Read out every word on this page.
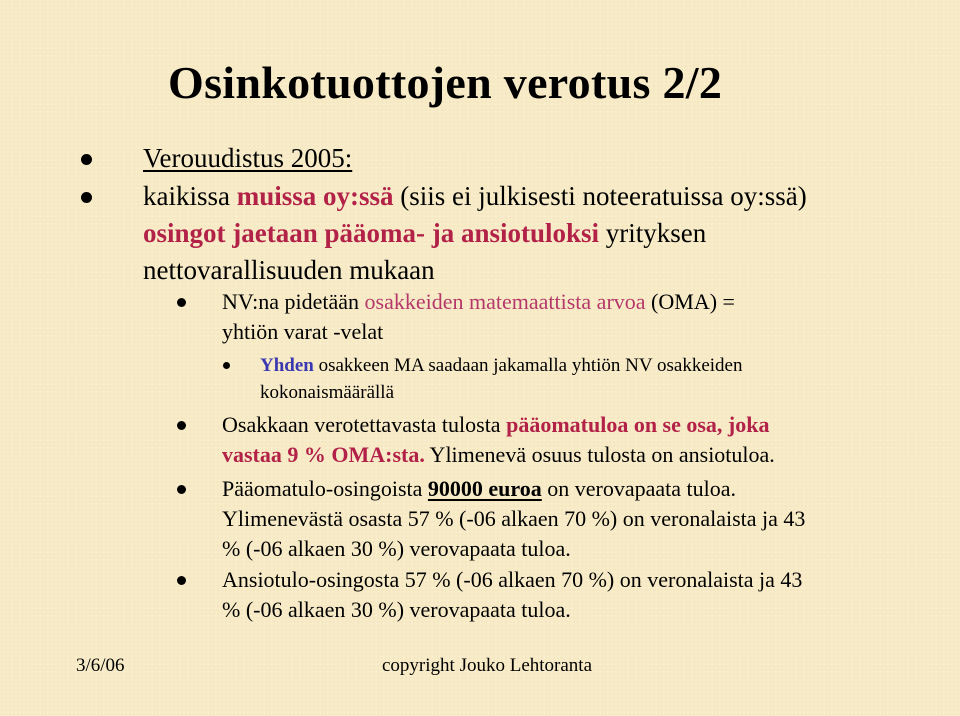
Osinkotuottojen verotus 2/2
Verouudistus 2005:
kaikissa muissa oy:ssä (siis ei julkisesti noteeratuissa oy:ssä)
osingot jaetaan pääoma- ja ansiotuloksi yrityksen
nettovarallisuuden mukaan
NV:na pidetään osakkeiden matemaattista arvoa (OMA) =
yhtiön varat -velat
Yhden osakkeen MA saadaan jakamalla yhtiön NV osakkeiden
kokonaismäärällä
Osakkaan verotettavasta tulosta pääomatuloa on se osa, joka
vastaa 9 % OMA:sta. Ylimenevä osuus tulosta on ansiotuloa.
Pääomatulo-osingoista 90000 euroa on verovapaata tuloa.
Ylimenevästä osasta 57 % (-06 alkaen 70 %) on veronalaista ja 43
% (-06 alkaen 30 %) verovapaata tuloa.
Ansiotulo-osingosta 57 % (-06 alkaen 70 %) on veronalaista ja 43
% (-06 alkaen 30 %) verovapaata tuloa.
3/6/06	copyright Jouko Lehtoranta
